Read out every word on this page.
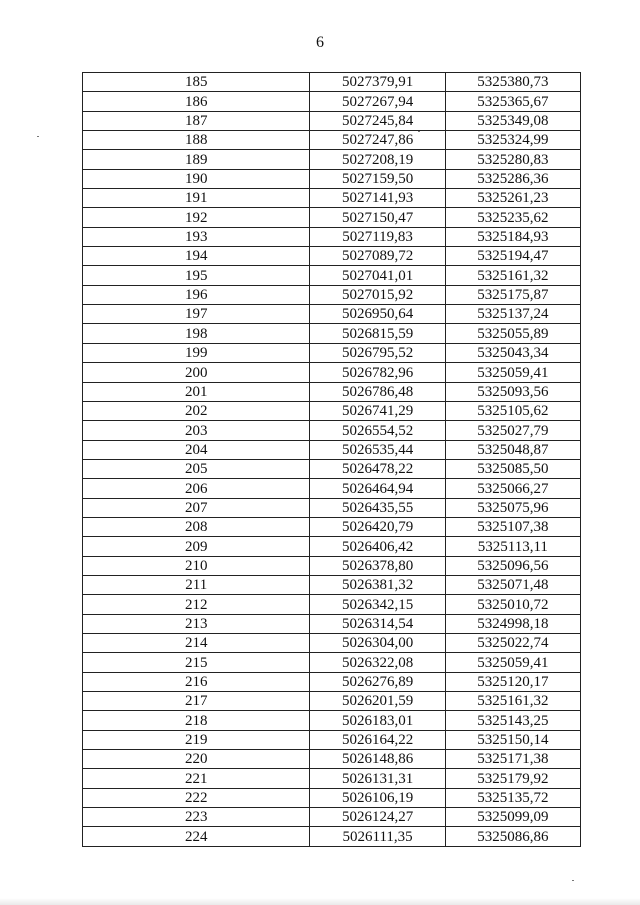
6
185	5027379,91	5325380,73
186	5027267,94	5325365,67
187	5027245,84	5325349,08
188	5027247,86	5325324,99
189	5027208,19	5325280,83
190	5027159,50	5325286,36
191	5027141,93	5325261,23
192	5027150,47	5325235,62
193	5027119,83	5325184,93
194	5027089,72	5325194,47
195	5027041,01	5325161,32
196	5027015,92	5325175,87
197	5026950,64	5325137,24
198	5026815,59	5325055,89
199	5026795,52	5325043,34
200	5026782,96	5325059,41
201	5026786,48	5325093,56
202	5026741,29	5325105,62
203	5026554,52	5325027,79
204	5026535,44	5325048,87
205	5026478,22	5325085,50
206	5026464,94	5325066,27
207	5026435,55	5325075,96
208	5026420,79	5325107,38
209	5026406,42	5325113,11
210	5026378,80	5325096,56
211	5026381,32	5325071,48
212	5026342,15	5325010,72
213	5026314,54	5324998,18
214	5026304,00	5325022,74
215	5026322,08	5325059,41
216	5026276,89	5325120,17
217	5026201,59	5325161,32
218	5026183,01	5325143,25
219	5026164,22	5325150,14
220	5026148,86	5325171,38
221	5026131,31	5325179,92
222	5026106,19	5325135,72
223	5026124,27	5325099,09
224	5026111,35	5325086,86
